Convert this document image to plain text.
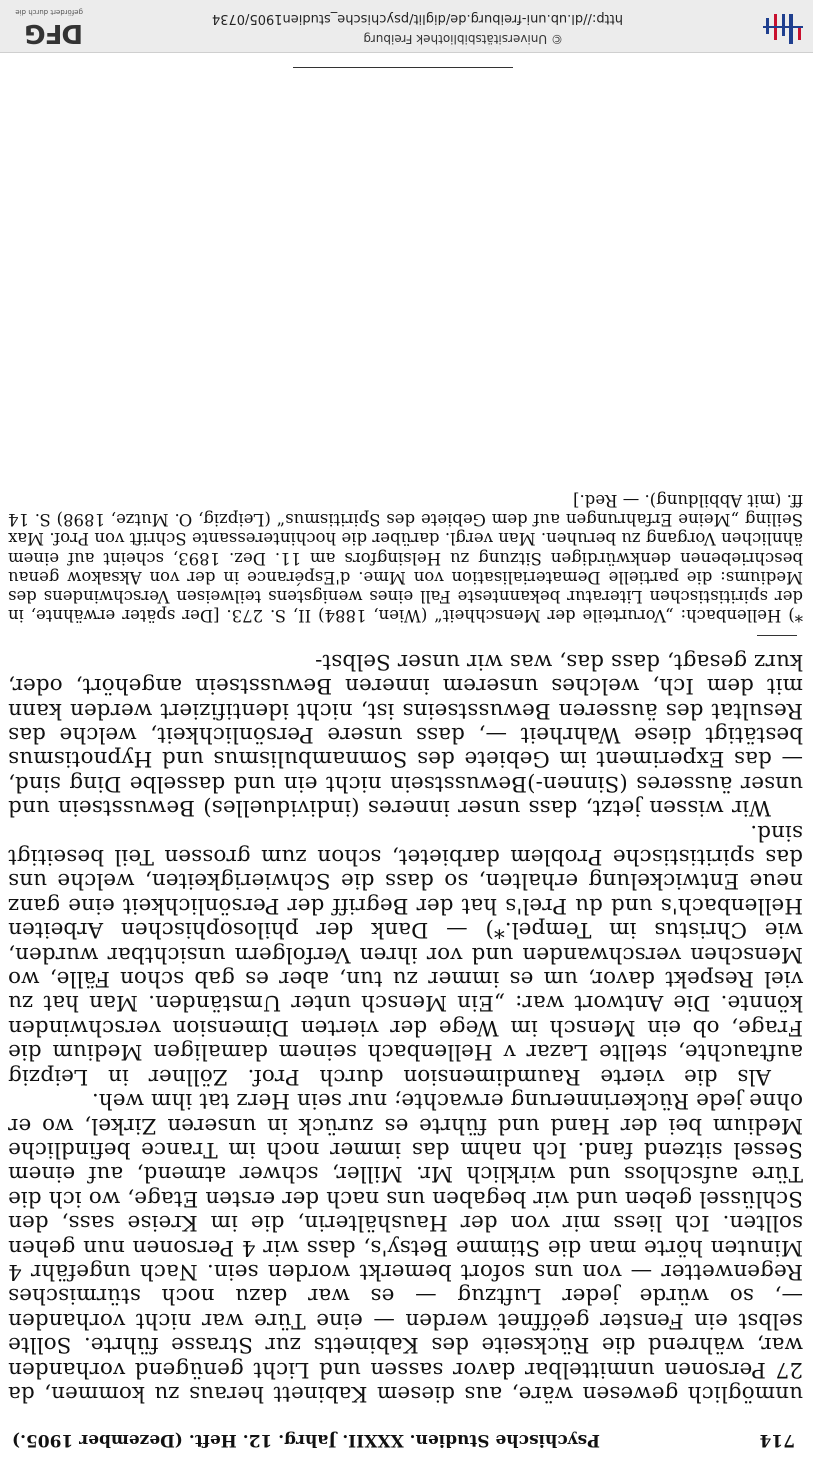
714
Psychische Studien. XXXII. Jahrg. 12. Heft. (Dezember 1905.)

unmöglich gewesen wäre, aus diesem Kabinett heraus zu kommen, da 27 Personen unmittelbar davor sassen und Licht genügend vorhanden war, während die Rückseite des Kabinetts zur Strasse führte. Sollte selbst ein Fenster geöffnet werden — eine Türe war nicht vorhanden —, so würde jeder Luftzug — es war dazu noch stürmisches Regenwetter — von uns sofort bemerkt worden sein. Nach ungefähr 4 Minuten hörte man die Stimme Betsy's, dass wir 4 Personen nun gehen sollten. Ich liess mir von der Haushälterin, die im Kreise sass, den Schlüssel geben und wir begaben uns nach der ersten Etage, wo ich die Türe aufschloss und wirklich Mr. Miller, schwer atmend, auf einem Sessel sitzend fand. Ich nahm das immer noch im Trance befindliche Medium bei der Hand und führte es zurück in unseren Zirkel, wo er ohne jede Rückerinnerung erwachte; nur sein Herz tat ihm weh.

Als die vierte Raumdimension durch Prof. Zöllner in Leipzig auftauchte, stellte Lazar v Hellenbach seinem damaligen Medium die Frage, ob ein Mensch im Wege der vierten Dimension verschwinden könnte. Die Antwort war: „Ein Mensch unter Umständen. Man hat zu viel Respekt davor, um es immer zu tun, aber es gab schon Fälle, wo Menschen verschwanden und vor ihren Verfolgern unsichtbar wurden, wie Christus im Tempel.*) — Dank der philosophischen Arbeiten Hellenbach's und du Prel's hat der Begriff der Persönlichkeit eine ganz neue Entwickelung erhalten, so dass die Schwierigkeiten, welche uns das spiritistische Problem darbietet, schon zum grossen Teil beseitigt sind.

Wir wissen jetzt, dass unser inneres (individuelles) Bewusstsein und unser äusseres (Sinnen-)Bewusstsein nicht ein und dasselbe Ding sind, — das Experiment im Gebiete des Somnambulismus und Hypnotismus bestätigt diese Wahrheit —, dass unsere Persönlichkeit, welche das Resultat des äusseren Bewusstseins ist, nicht identifiziert werden kann mit dem Ich, welches unserem inneren Bewusstsein angehört, oder, kurz gesagt, dass das, was wir unser Selbst-

*) Hellenbach: „Vorurteile der Menschheit“ (Wien, 1884) II, S. 273. [Der später erwähnte, in der spiritistischen Literatur bekannteste Fall eines wenigstens teilweisen Verschwindens des Mediums: die partielle Dematerialisation von Mme. d'Espérance in der von Aksakow genau beschriebenen denkwürdigen Sitzung zu Helsingfors am 11. Dez. 1893, scheint auf einem ähnlichen Vorgang zu beruhen. Man vergl. darüber die hochinteressante Schrift von Prof. Max Seiling „Meine Erfahrungen auf dem Gebiete des Spiritismus“ (Leipzig, O. Mutze, 1898) S. 14 ff. (mit Abbildung). — Red.]

http://dl.ub.uni-freiburg.de/diglit/psychische_studien1905/0734
© Universitätsbibliothek Freiburg
DFG
gefördert durch die
